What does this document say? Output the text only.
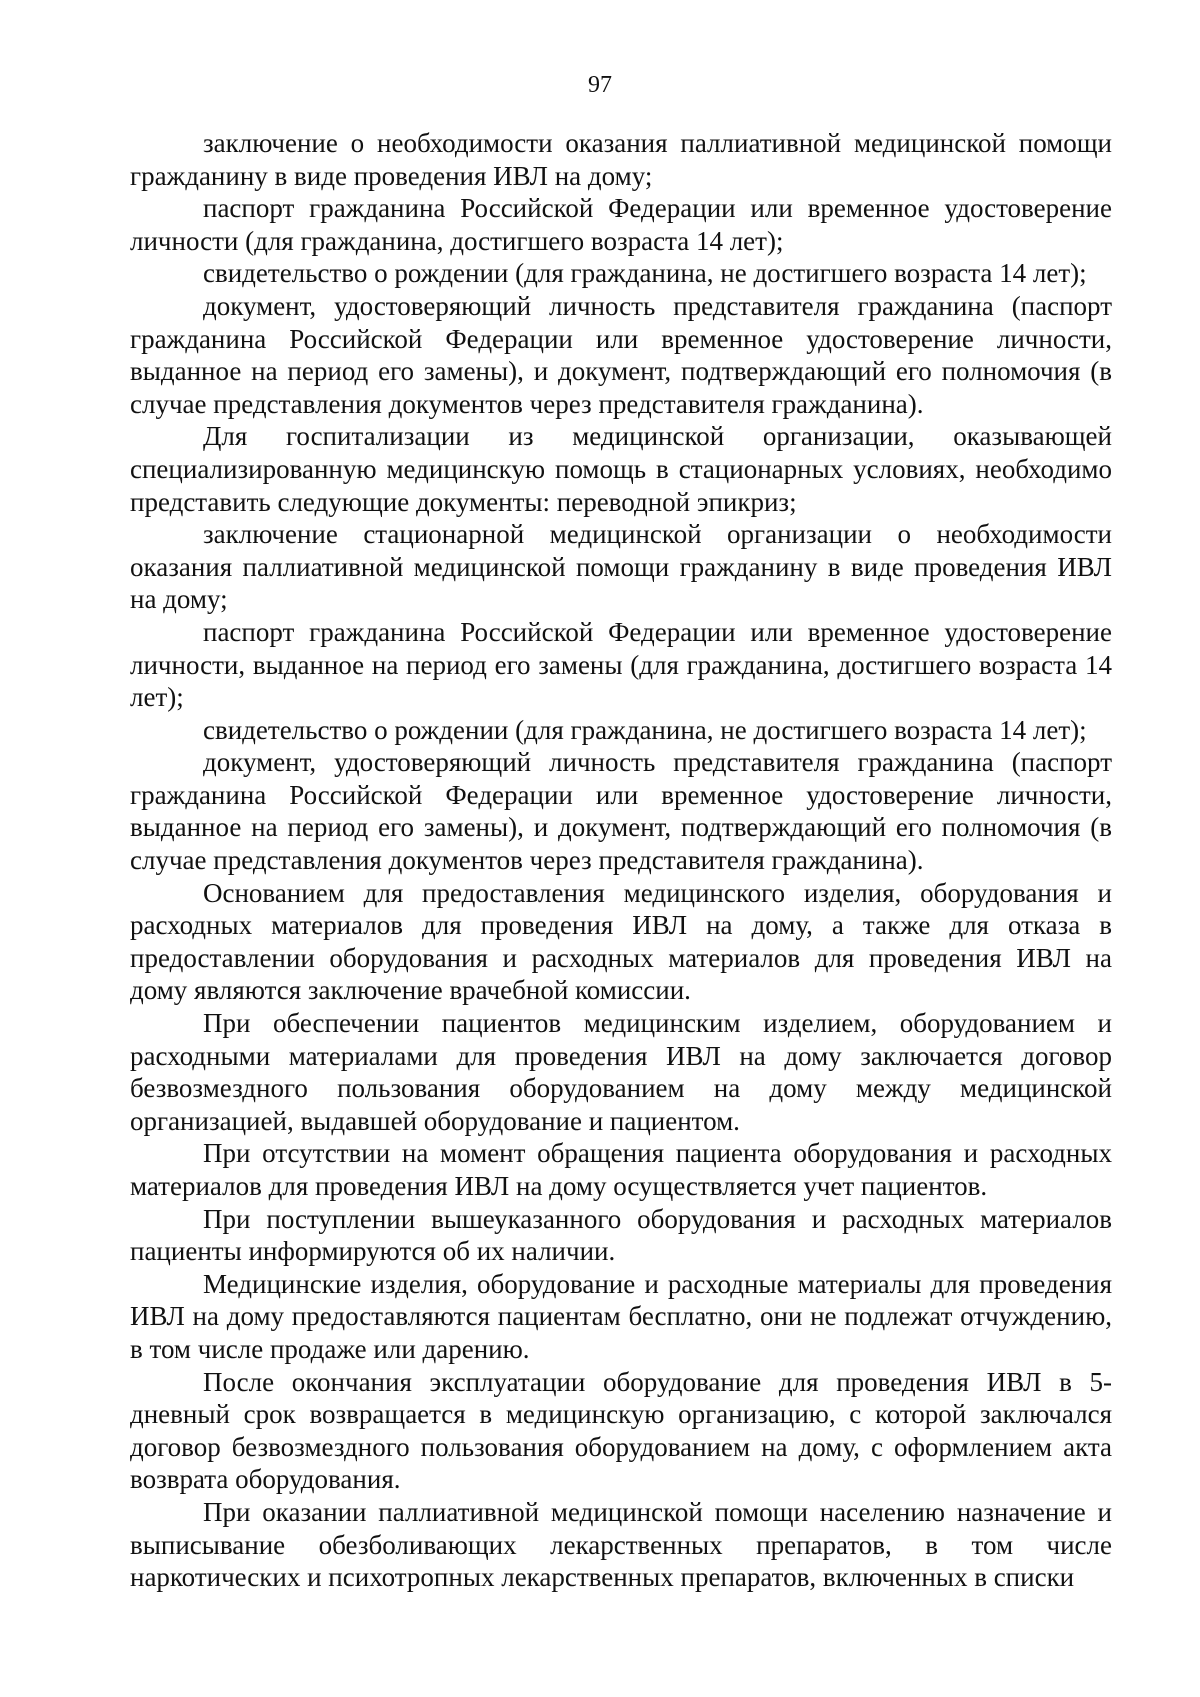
97

заключение о необходимости оказания паллиативной медицинской помощи гражданину в виде проведения ИВЛ на дому;

паспорт гражданина Российской Федерации или временное удостоверение личности (для гражданина, достигшего возраста 14 лет);

свидетельство о рождении (для гражданина, не достигшего возраста 14 лет);

документ, удостоверяющий личность представителя гражданина (паспорт гражданина Российской Федерации или временное удостоверение личности, выданное на период его замены), и документ, подтверждающий его полномочия (в случае представления документов через представителя гражданина).

Для госпитализации из медицинской организации, оказывающей специализированную медицинскую помощь в стационарных условиях, необходимо представить следующие документы: переводной эпикриз;

заключение стационарной медицинской организации о необходимости оказания паллиативной медицинской помощи гражданину в виде проведения ИВЛ на дому;

паспорт гражданина Российской Федерации или временное удостоверение личности, выданное на период его замены (для гражданина, достигшего возраста 14 лет);

свидетельство о рождении (для гражданина, не достигшего возраста 14 лет);

документ, удостоверяющий личность представителя гражданина (паспорт гражданина Российской Федерации или временное удостоверение личности, выданное на период его замены), и документ, подтверждающий его полномочия (в случае представления документов через представителя гражданина).

Основанием для предоставления медицинского изделия, оборудования и расходных материалов для проведения ИВЛ на дому, а также для отказа в предоставлении оборудования и расходных материалов для проведения ИВЛ на дому являются заключение врачебной комиссии.

При обеспечении пациентов медицинским изделием, оборудованием и расходными материалами для проведения ИВЛ на дому заключается договор безвозмездного пользования оборудованием на дому между медицинской организацией, выдавшей оборудование и пациентом.

При отсутствии на момент обращения пациента оборудования и расходных материалов для проведения ИВЛ на дому осуществляется учет пациентов.

При поступлении вышеуказанного оборудования и расходных материалов пациенты информируются об их наличии.

Медицинские изделия, оборудование и расходные материалы для проведения ИВЛ на дому предоставляются пациентам бесплатно, они не подлежат отчуждению, в том числе продаже или дарению.

После окончания эксплуатации оборудование для проведения ИВЛ в 5-дневный срок возвращается в медицинскую организацию, с которой заключался договор безвозмездного пользования оборудованием на дому, с оформлением акта возврата оборудования.

При оказании паллиативной медицинской помощи населению назначение и выписывание обезболивающих лекарственных препаратов, в том числе наркотических и психотропных лекарственных препаратов, включенных в списки
